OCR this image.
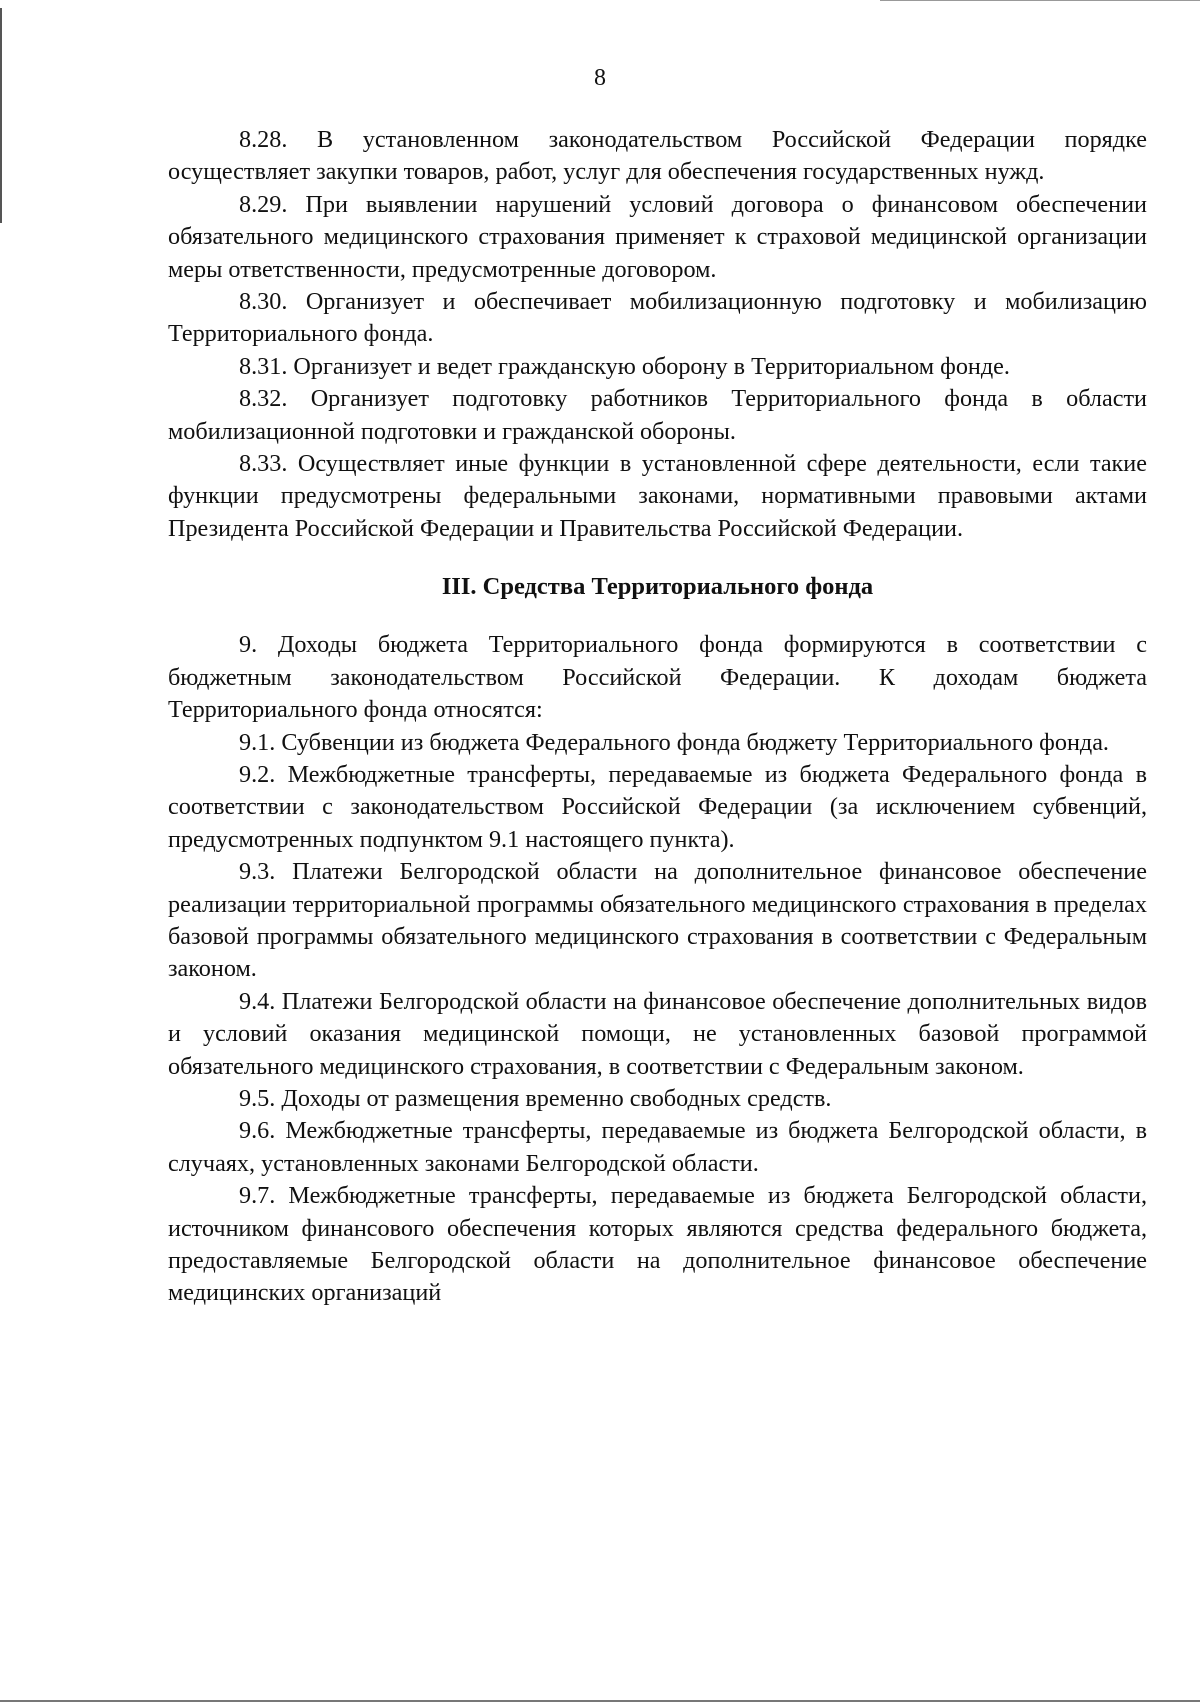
8

8.28. В установленном законодательством Российской Федерации порядке осуществляет закупки товаров, работ, услуг для обеспечения государственных нужд.

8.29. При выявлении нарушений условий договора о финансовом обеспечении обязательного медицинского страхования применяет к страховой медицинской организации меры ответственности, предусмотренные договором.

8.30. Организует и обеспечивает мобилизационную подготовку и мобилизацию Территориального фонда.

8.31. Организует и ведет гражданскую оборону в Территориальном фонде.

8.32. Организует подготовку работников Территориального фонда в области мобилизационной подготовки и гражданской обороны.

8.33. Осуществляет иные функции в установленной сфере деятельности, если такие функции предусмотрены федеральными законами, нормативными правовыми актами Президента Российской Федерации и Правительства Российской Федерации.

III. Средства Территориального фонда

9. Доходы бюджета Территориального фонда формируются в соответствии с бюджетным законодательством Российской Федерации. К доходам бюджета Территориального фонда относятся:

9.1. Субвенции из бюджета Федерального фонда бюджету Территориального фонда.

9.2. Межбюджетные трансферты, передаваемые из бюджета Федерального фонда в соответствии с законодательством Российской Федерации (за исключением субвенций, предусмотренных подпунктом 9.1 настоящего пункта).

9.3. Платежи Белгородской области на дополнительное финансовое обеспечение реализации территориальной программы обязательного медицинского страхования в пределах базовой программы обязательного медицинского страхования в соответствии с Федеральным законом.

9.4. Платежи Белгородской области на финансовое обеспечение дополнительных видов и условий оказания медицинской помощи, не установленных базовой программой обязательного медицинского страхования, в соответствии с Федеральным законом.

9.5. Доходы от размещения временно свободных средств.

9.6. Межбюджетные трансферты, передаваемые из бюджета Белгородской области, в случаях, установленных законами Белгородской области.

9.7. Межбюджетные трансферты, передаваемые из бюджета Белгородской области, источником финансового обеспечения которых являются средства федерального бюджета, предоставляемые Белгородской области на дополнительное финансовое обеспечение медицинских организаций
